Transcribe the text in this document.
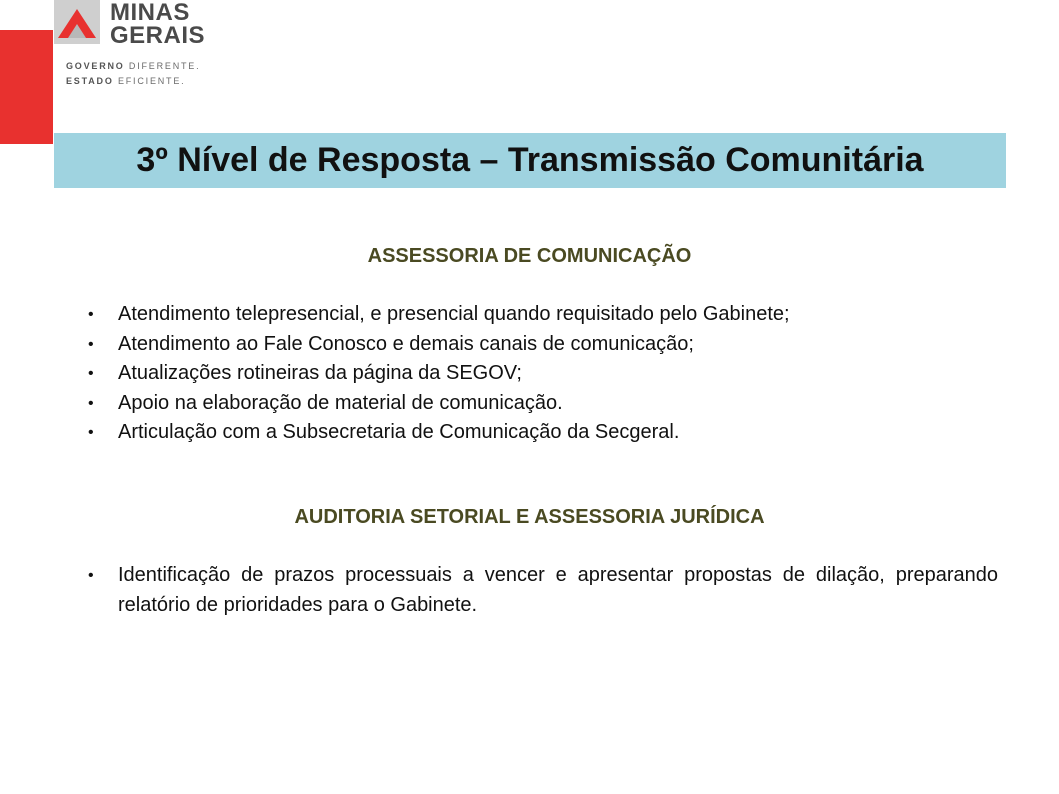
MINAS
GERAIS
GOVERNO DIFERENTE.
ESTADO EFICIENTE.
3º Nível de Resposta – Transmissão Comunitária
ASSESSORIA DE COMUNICAÇÃO
• Atendimento telepresencial, e presencial quando requisitado pelo Gabinete;
• Atendimento ao Fale Conosco e demais canais de comunicação;
• Atualizações rotineiras da página da SEGOV;
• Apoio na elaboração de material de comunicação.
• Articulação com a Subsecretaria de Comunicação da Secgeral.
AUDITORIA SETORIAL E ASSESSORIA JURÍDICA
• Identificação de prazos processuais a vencer e apresentar propostas de dilação, preparando relatório de prioridades para o Gabinete.
